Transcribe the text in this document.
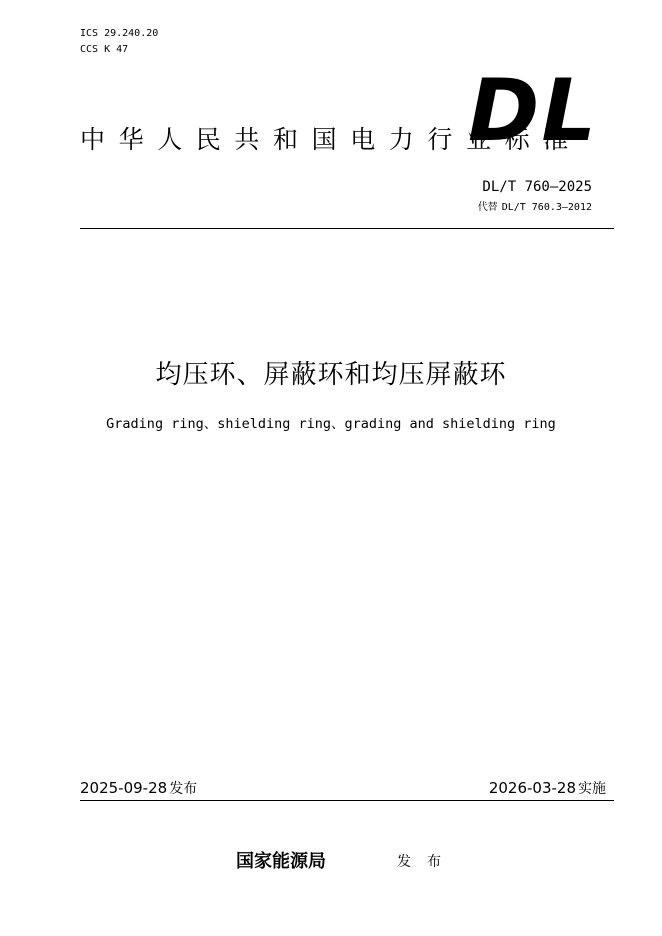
ICS 29.240.20
CCS K 47
中华人民共和国电力行业标准
DL
DL/T 760—2025
代替 DL/T 760.3—2012
均压环、屏蔽环和均压屏蔽环
Grading ring、shielding ring、grading and shielding ring
2025-09-28 发布	2026-03-28 实施
国家能源局	发布
